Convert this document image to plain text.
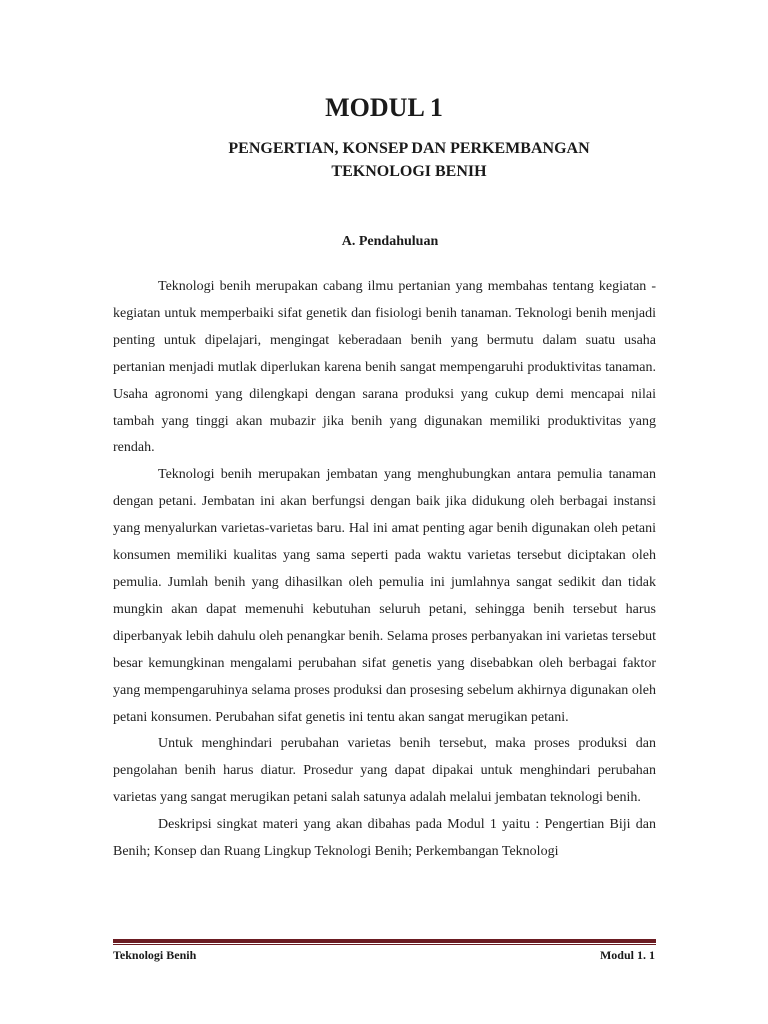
MODUL 1
PENGERTIAN, KONSEP DAN PERKEMBANGAN
TEKNOLOGI BENIH
A. Pendahuluan

Teknologi benih merupakan cabang ilmu pertanian yang membahas tentang kegiatan - kegiatan untuk memperbaiki sifat genetik dan fisiologi benih tanaman. Teknologi benih menjadi penting untuk dipelajari, mengingat keberadaan benih yang bermutu dalam suatu usaha pertanian menjadi mutlak diperlukan karena benih sangat mempengaruhi produktivitas tanaman. Usaha agronomi yang dilengkapi dengan sarana produksi yang cukup demi mencapai nilai tambah yang tinggi akan mubazir jika benih yang digunakan memiliki produktivitas yang rendah.

Teknologi benih merupakan jembatan yang menghubungkan antara pemulia tanaman dengan petani. Jembatan ini akan berfungsi dengan baik jika didukung oleh berbagai instansi yang menyalurkan varietas-varietas baru. Hal ini amat penting agar benih digunakan oleh petani konsumen memiliki kualitas yang sama seperti pada waktu varietas tersebut diciptakan oleh pemulia. Jumlah benih yang dihasilkan oleh pemulia ini jumlahnya sangat sedikit dan tidak mungkin akan dapat memenuhi kebutuhan seluruh petani, sehingga benih tersebut harus diperbanyak lebih dahulu oleh penangkar benih. Selama proses perbanyakan ini varietas tersebut besar kemungkinan mengalami perubahan sifat genetis yang disebabkan oleh berbagai faktor yang mempengaruhinya selama proses produksi dan prosesing sebelum akhirnya digunakan oleh petani konsumen. Perubahan sifat genetis ini tentu akan sangat merugikan petani.

Untuk menghindari perubahan varietas benih tersebut, maka proses produksi dan pengolahan benih harus diatur. Prosedur yang dapat dipakai untuk menghindari perubahan varietas yang sangat merugikan petani salah satunya adalah melalui jembatan teknologi benih.

Deskripsi singkat materi yang akan dibahas pada Modul 1 yaitu : Pengertian Biji dan Benih; Konsep dan Ruang Lingkup Teknologi Benih; Perkembangan Teknologi

Teknologi Benih	Modul 1. 1
